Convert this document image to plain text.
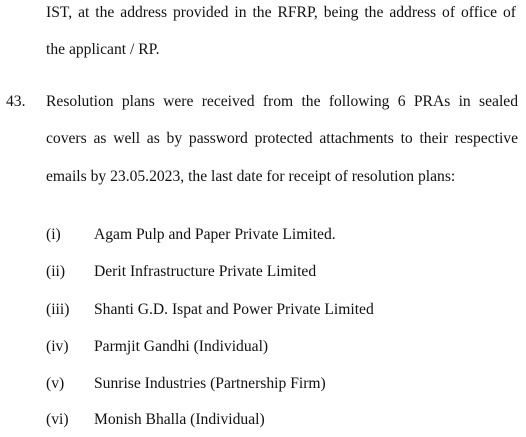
IST, at the address provided in the RFRP, being the address of office of
the applicant / RP.
43. Resolution plans were received from the following 6 PRAs in sealed
covers as well as by password protected attachments to their respective
emails by 23.05.2023, the last date for receipt of resolution plans:
(i) Agam Pulp and Paper Private Limited.
(ii) Derit Infrastructure Private Limited
(iii) Shanti G.D. Ispat and Power Private Limited
(iv) Parmjit Gandhi (Individual)
(v) Sunrise Industries (Partnership Firm)
(vi) Monish Bhalla (Individual)
